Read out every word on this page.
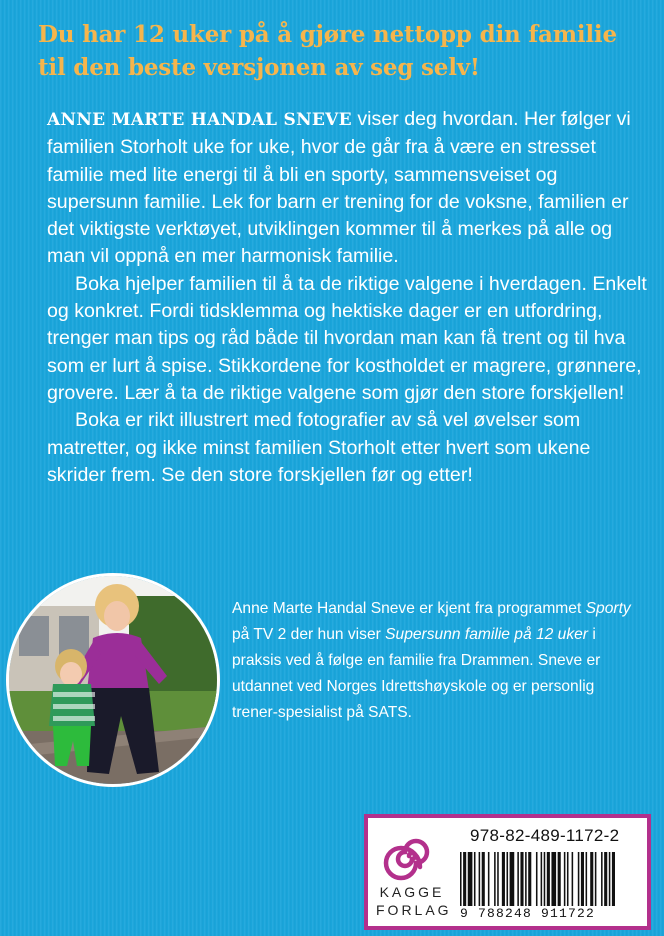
Du har 12 uker på å gjøre nettopp din familie
til den beste versjonen av seg selv!

ANNE MARTE HANDAL SNEVE viser deg hvordan. Her følger vi familien Storholt uke for uke, hvor de går fra å være en stresset familie med lite energi til å bli en sporty, sammensveiset og supersunn familie. Lek for barn er trening for de voksne, familien er det viktigste verktøyet, utviklingen kommer til å merkes på alle og man vil oppnå en mer harmonisk familie.

Boka hjelper familien til å ta de riktige valgene i hverdagen. Enkelt og konkret. Fordi tidsklemma og hektiske dager er en utfordring, trenger man tips og råd både til hvordan man kan få trent og til hva som er lurt å spise. Stikkordene for kostholdet er magrere, grønnere, grovere. Lær å ta de riktige valgene som gjør den store forskjellen!

Boka er rikt illustrert med fotografier av så vel øvelser som matretter, og ikke minst familien Storholt etter hvert som ukene skrider frem. Se den store forskjellen før og etter!

Anne Marte Handal Sneve er kjent fra programmet Sporty på TV 2 der hun viser Supersunn familie på 12 uker i praksis ved å følge en familie fra Drammen. Sneve er utdannet ved Norges Idrettshøyskole og er personlig trener-spesialist på SATS.

KAGGE
FORLAG
978-82-489-1172-2
9 788248 911722
